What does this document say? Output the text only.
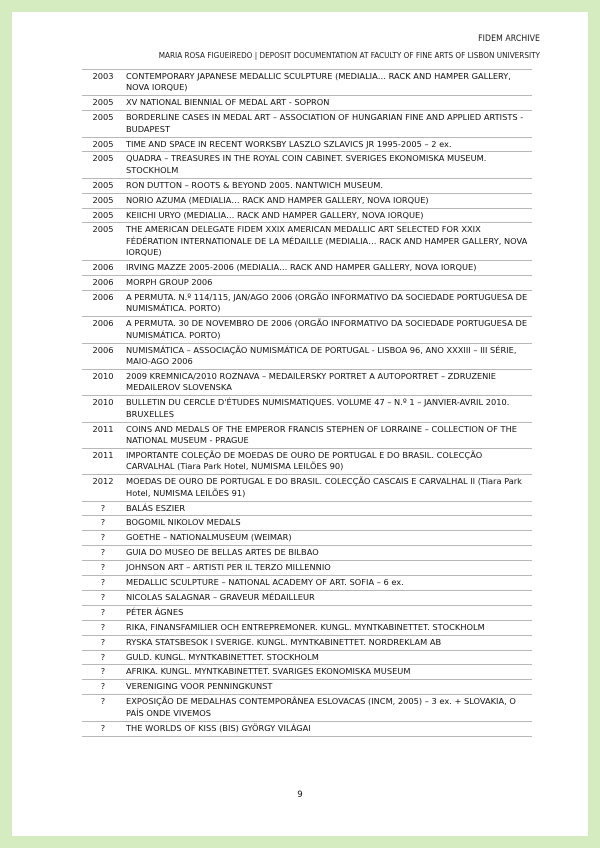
FIDEM ARCHIVE
MARIA ROSA FIGUEIREDO | DEPOSIT DOCUMENTATION AT FACULTY OF FINE ARTS OF LISBON UNIVERSITY
2003	CONTEMPORARY JAPANESE MEDALLIC SCULPTURE (MEDIALIA… RACK AND HAMPER GALLERY, NOVA IORQUE)
2005	XV NATIONAL BIENNIAL OF MEDAL ART - SOPRON
2005	BORDERLINE CASES IN MEDAL ART – ASSOCIATION OF HUNGARIAN FINE AND APPLIED ARTISTS - BUDAPEST
2005	TIME AND SPACE IN RECENT WORKSBY LASZLO SZLAVICS JR 1995-2005 – 2 ex.
2005	QUADRA – TREASURES IN THE ROYAL COIN CABINET. SVERIGES EKONOMISKA MUSEUM. STOCKHOLM
2005	RON DUTTON – ROOTS & BEYOND 2005. NANTWICH MUSEUM.
2005	NORIO AZUMA (MEDIALIA… RACK AND HAMPER GALLERY, NOVA IORQUE)
2005	KEIICHI URYO (MEDIALIA… RACK AND HAMPER GALLERY, NOVA IORQUE)
2005	THE AMERICAN DELEGATE FIDEM XXIX AMERICAN MEDALLIC ART SELECTED FOR XXIX FÉDÉRATION INTERNATIONALE DE LA MÉDAILLE (MEDIALIA… RACK AND HAMPER GALLERY, NOVA IORQUE)
2006	IRVING MAZZE 2005-2006 (MEDIALIA… RACK AND HAMPER GALLERY, NOVA IORQUE)
2006	MORPH GROUP 2006
2006	A PERMUTA. N.º 114/115, JAN/AGO 2006 (ORGÃO INFORMATIVO DA SOCIEDADE PORTUGUESA DE NUMISMÁTICA. PORTO)
2006	A PERMUTA. 30 DE NOVEMBRO DE 2006 (ORGÃO INFORMATIVO DA SOCIEDADE PORTUGUESA DE NUMISMÁTICA. PORTO)
2006	NUMISMÁTICA – ASSOCIAÇÃO NUMISMÁTICA DE PORTUGAL - LISBOA 96, ANO XXXIII – III SÉRIE, MAIO-AGO 2006
2010	2009 KREMNICA/2010 ROZNAVA – MEDAILERSKY PORTRET A AUTOPORTRET – ZDRUZENIE MEDAILEROV SLOVENSKA
2010	BULLETIN DU CERCLE D'ÉTUDES NUMISMATIQUES. VOLUME 47 – N.º 1 – JANVIER-AVRIL 2010. BRUXELLES
2011	COINS AND MEDALS OF THE EMPEROR FRANCIS STEPHEN OF LORRAINE – COLLECTION OF THE NATIONAL MUSEUM - PRAGUE
2011	IMPORTANTE COLEÇÃO DE MOEDAS DE OURO DE PORTUGAL E DO BRASIL. COLECÇÃO CARVALHAL (Tiara Park Hotel, NUMISMA LEILÕES 90)
2012	MOEDAS DE OURO DE PORTUGAL E DO BRASIL. COLECÇÃO CASCAIS E CARVALHAL II (Tiara Park Hotel, NUMISMA LEILÕES 91)
?	BALÁS ESZIER
?	BOGOMIL NIKOLOV MEDALS
?	GOETHE – NATIONALMUSEUM (WEIMAR)
?	GUIA DO MUSEO DE BELLAS ARTES DE BILBAO
?	JOHNSON ART – ARTISTI PER IL TERZO MILLENNIO
?	MEDALLIC SCULPTURE – NATIONAL ACADEMY OF ART. SOFIA – 6 ex.
?	NICOLAS SALAGNAR – GRAVEUR MÉDAILLEUR
?	PÉTER ÁGNES
?	RIKA, FINANSFAMILIER OCH ENTREPREMONER. KUNGL. MYNTKABINETTET. STOCKHOLM
?	RYSKA STATSBESOK I SVERIGE. KUNGL. MYNTKABINETTET. NORDREKLAM AB
?	GULD. KUNGL. MYNTKABINETTET. STOCKHOLM
?	AFRIKA. KUNGL. MYNTKABINETTET. SVARIGES EKONOMISKA MUSEUM
?	VERENIGING VOOR PENNINGKUNST
?	EXPOSIÇÃO DE MEDALHAS CONTEMPORÂNEA ESLOVACAS (INCM, 2005) – 3 ex. + SLOVAKIA, O PAÍS ONDE VIVEMOS
?	THE WORLDS OF KISS (BIS) GYÖRGY VILÁGAI
9
